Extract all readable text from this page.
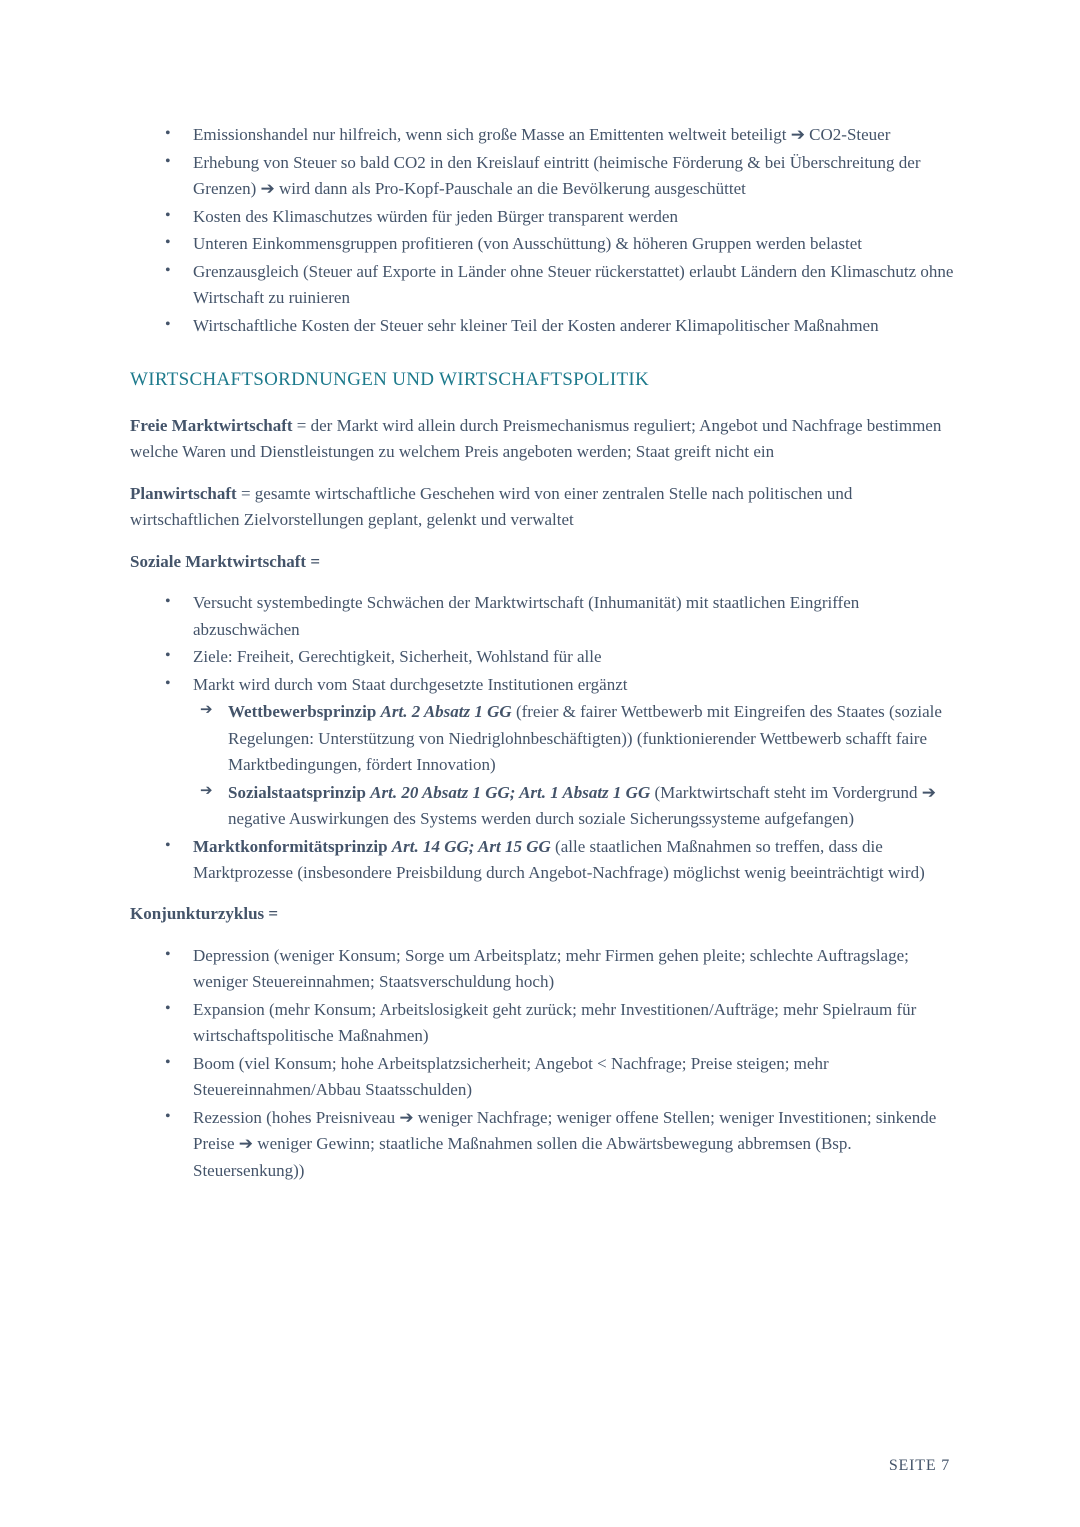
•	Emissionshandel nur hilfreich, wenn sich große Masse an Emittenten weltweit beteiligt ➔ CO2-Steuer
•	Erhebung von Steuer so bald CO2 in den Kreislauf eintritt (heimische Förderung & bei Überschreitung der Grenzen) ➔ wird dann als Pro-Kopf-Pauschale an die Bevölkerung ausgeschüttet
•	Kosten des Klimaschutzes würden für jeden Bürger transparent werden
•	Unteren Einkommensgruppen profitieren (von Ausschüttung) & höheren Gruppen werden belastet
•	Grenzausgleich (Steuer auf Exporte in Länder ohne Steuer rückerstattet) erlaubt Ländern den Klimaschutz ohne Wirtschaft zu ruinieren
•	Wirtschaftliche Kosten der Steuer sehr kleiner Teil der Kosten anderer Klimapolitischer Maßnahmen
WIRTSCHAFTSORDNUNGEN UND WIRTSCHAFTSPOLITIK

Freie Marktwirtschaft = der Markt wird allein durch Preismechanismus reguliert; Angebot und Nachfrage bestimmen welche Waren und Dienstleistungen zu welchem Preis angeboten werden; Staat greift nicht ein

Planwirtschaft = gesamte wirtschaftliche Geschehen wird von einer zentralen Stelle nach politischen und wirtschaftlichen Zielvorstellungen geplant, gelenkt und verwaltet

Soziale Marktwirtschaft =

•	Versucht systembedingte Schwächen der Marktwirtschaft (Inhumanität) mit staatlichen Eingriffen abzuschwächen
•	Ziele: Freiheit, Gerechtigkeit, Sicherheit, Wohlstand für alle
•	Markt wird durch vom Staat durchgesetzte Institutionen ergänzt
➔ Wettbewerbsprinzip Art. 2 Absatz 1 GG (freier & fairer Wettbewerb mit Eingreifen des Staates (soziale Regelungen: Unterstützung von Niedriglohnbeschäftigten)) (funktionierender Wettbewerb schafft faire Marktbedingungen, fördert Innovation)
➔ Sozialstaatsprinzip Art. 20 Absatz 1 GG; Art. 1 Absatz 1 GG (Marktwirtschaft steht im Vordergrund ➔ negative Auswirkungen des Systems werden durch soziale Sicherungssysteme aufgefangen)
•	Marktkonformitätsprinzip Art. 14 GG; Art 15 GG (alle staatlichen Maßnahmen so treffen, dass die Marktprozesse (insbesondere Preisbildung durch Angebot-Nachfrage) möglichst wenig beeinträchtigt wird)

Konjunkturzyklus =

•	Depression (weniger Konsum; Sorge um Arbeitsplatz; mehr Firmen gehen pleite; schlechte Auftragslage; weniger Steuereinnahmen; Staatsverschuldung hoch)
•	Expansion (mehr Konsum; Arbeitslosigkeit geht zurück; mehr Investitionen/Aufträge; mehr Spielraum für wirtschaftspolitische Maßnahmen)
•	Boom (viel Konsum; hohe Arbeitsplatzsicherheit; Angebot < Nachfrage; Preise steigen; mehr Steuereinnahmen/Abbau Staatsschulden)
•	Rezession (hohes Preisniveau ➔ weniger Nachfrage; weniger offene Stellen; weniger Investitionen; sinkende Preise ➔ weniger Gewinn; staatliche Maßnahmen sollen die Abwärtsbewegung abbremsen (Bsp. Steuersenkung))
SEITE 7
